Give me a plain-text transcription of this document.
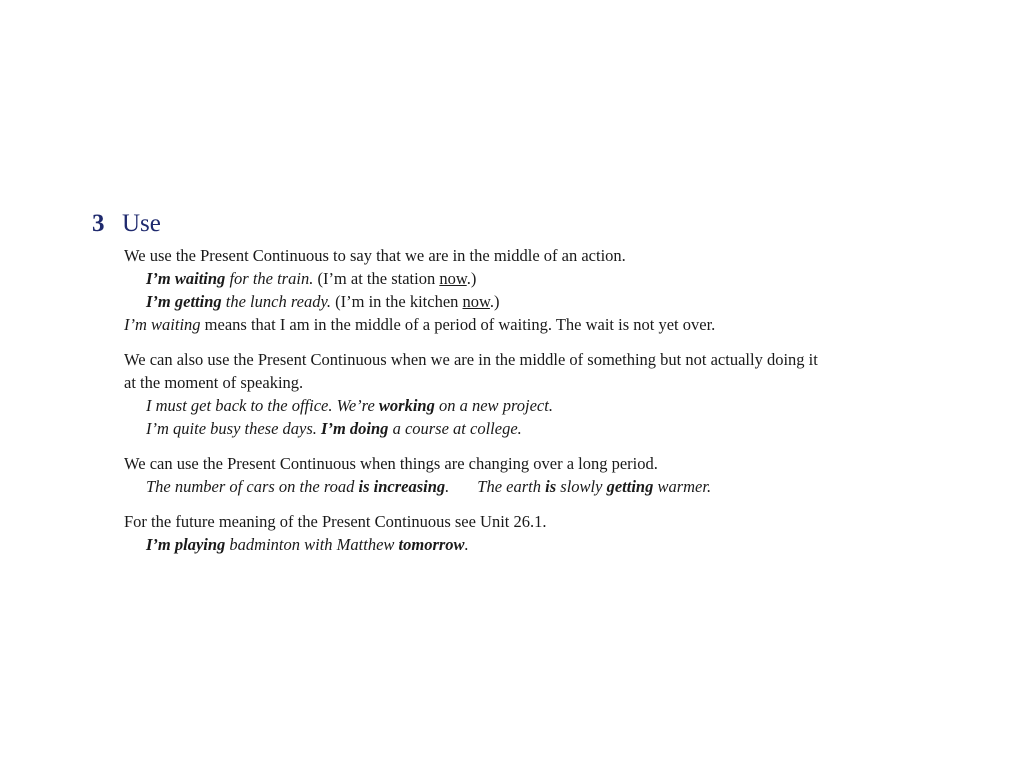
3 Use
We use the Present Continuous to say that we are in the middle of an action.
I’m waiting for the train. (I’m at the station now.)
I’m getting the lunch ready. (I’m in the kitchen now.)
I’m waiting means that I am in the middle of a period of waiting. The wait is not yet over.
We can also use the Present Continuous when we are in the middle of something but not actually doing it
at the moment of speaking.
I must get back to the office. We’re working on a new project.
I’m quite busy these days. I’m doing a course at college.
We can use the Present Continuous when things are changing over a long period.
The number of cars on the road is increasing. The earth is slowly getting warmer.
For the future meaning of the Present Continuous see Unit 26.1.
I’m playing badminton with Matthew tomorrow.
